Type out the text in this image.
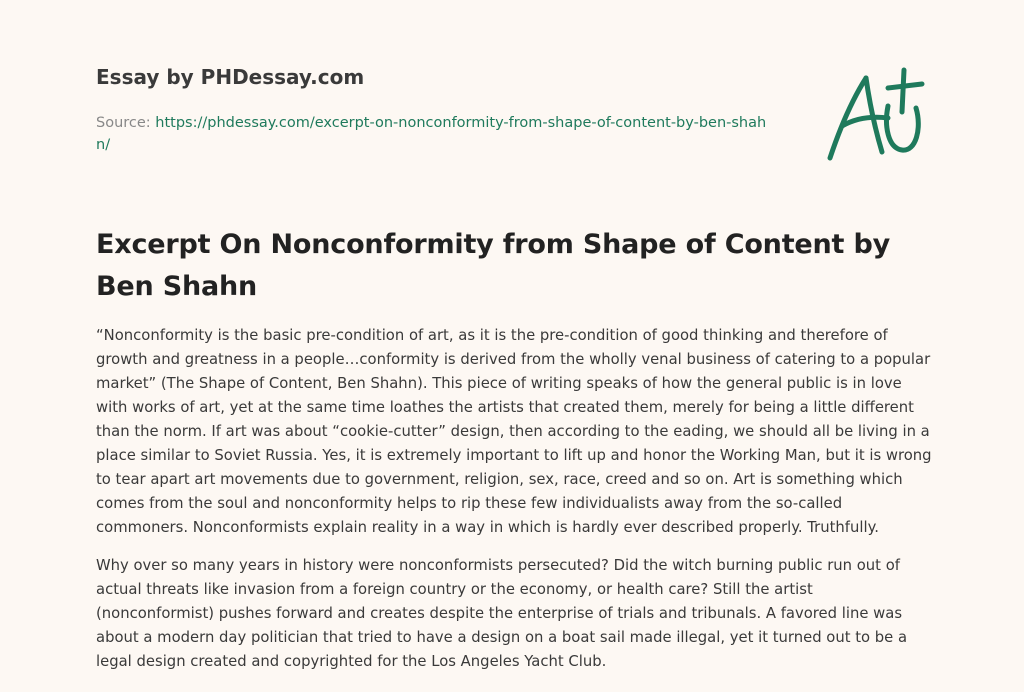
Essay by PHDessay.com
Source: https://phdessay.com/excerpt-on-nonconformity-from-shape-of-content-by-ben-shahn/
Excerpt On Nonconformity from Shape of Content by Ben Shahn

“Nonconformity is the basic pre-condition of art, as it is the pre-condition of good thinking and therefore of growth and greatness in a people…conformity is derived from the wholly venal business of catering to a popular market” (The Shape of Content, Ben Shahn). This piece of writing speaks of how the general public is in love with works of art, yet at the same time loathes the artists that created them, merely for being a little different than the norm. If art was about “cookie-cutter” design, then according to the eading, we should all be living in a place similar to Soviet Russia. Yes, it is extremely important to lift up and honor the Working Man, but it is wrong to tear apart art movements due to government, religion, sex, race, creed and so on. Art is something which comes from the soul and nonconformity helps to rip these few individualists away from the so-called commoners. Nonconformists explain reality in a way in which is hardly ever described properly. Truthfully.

Why over so many years in history were nonconformists persecuted? Did the witch burning public run out of actual threats like invasion from a foreign country or the economy, or health care? Still the artist (nonconformist) pushes forward and creates despite the enterprise of trials and tribunals. A favored line was about a modern day politician that tried to have a design on a boat sail made illegal, yet it turned out to be a legal design created and copyrighted for the Los Angeles Yacht Club.
